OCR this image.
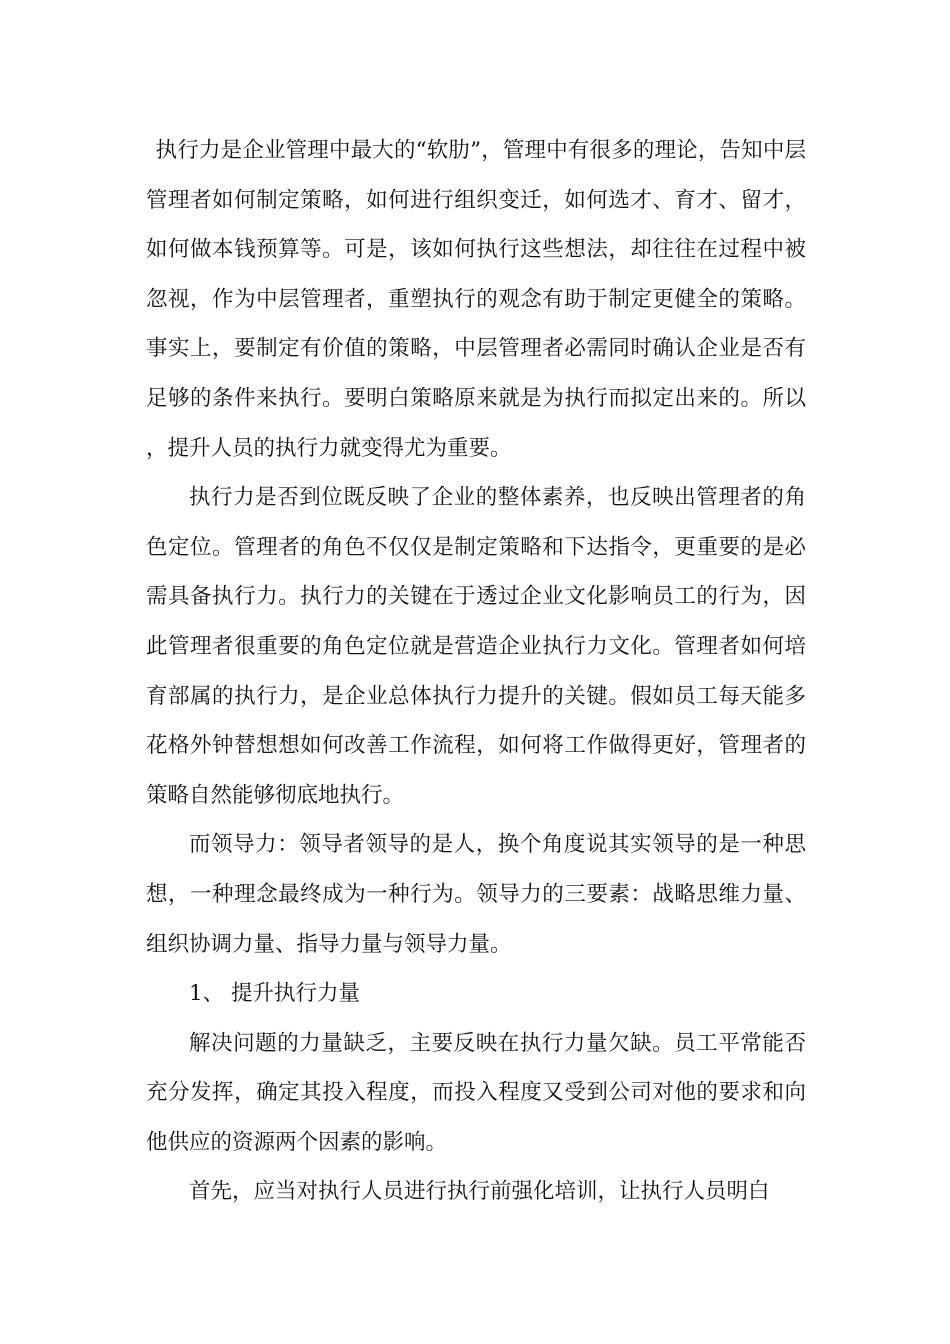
执行力是企业管理中最大的“软肋”，管理中有很多的理论，告知中层管理者如何制定策略，如何进行组织变迁，如何选才、育才、留才，如何做本钱预算等。可是，该如何执行这些想法，却往往在过程中被忽视，作为中层管理者，重塑执行的观念有助于制定更健全的策略。事实上，要制定有价值的策略，中层管理者必需同时确认企业是否有足够的条件来执行。要明白策略原来就是为执行而拟定出来的。所以，提升人员的执行力就变得尤为重要。

执行力是否到位既反映了企业的整体素养，也反映出管理者的角色定位。管理者的角色不仅仅是制定策略和下达指令，更重要的是必需具备执行力。执行力的关键在于透过企业文化影响员工的行为，因此管理者很重要的角色定位就是营造企业执行力文化。管理者如何培育部属的执行力，是企业总体执行力提升的关键。假如员工每天能多花格外钟替想想如何改善工作流程，如何将工作做得更好，管理者的策略自然能够彻底地执行。

而领导力：领导者领导的是人，换个角度说其实领导的是一种思想，一种理念最终成为一种行为。领导力的三要素：战略思维力量、组织协调力量、指导力量与领导力量。

1、 提升执行力量

解决问题的力量缺乏，主要反映在执行力量欠缺。员工平常能否充分发挥，确定其投入程度，而投入程度又受到公司对他的要求和向他供应的资源两个因素的影响。

首先，应当对执行人员进行执行前强化培训，让执行人员明白
